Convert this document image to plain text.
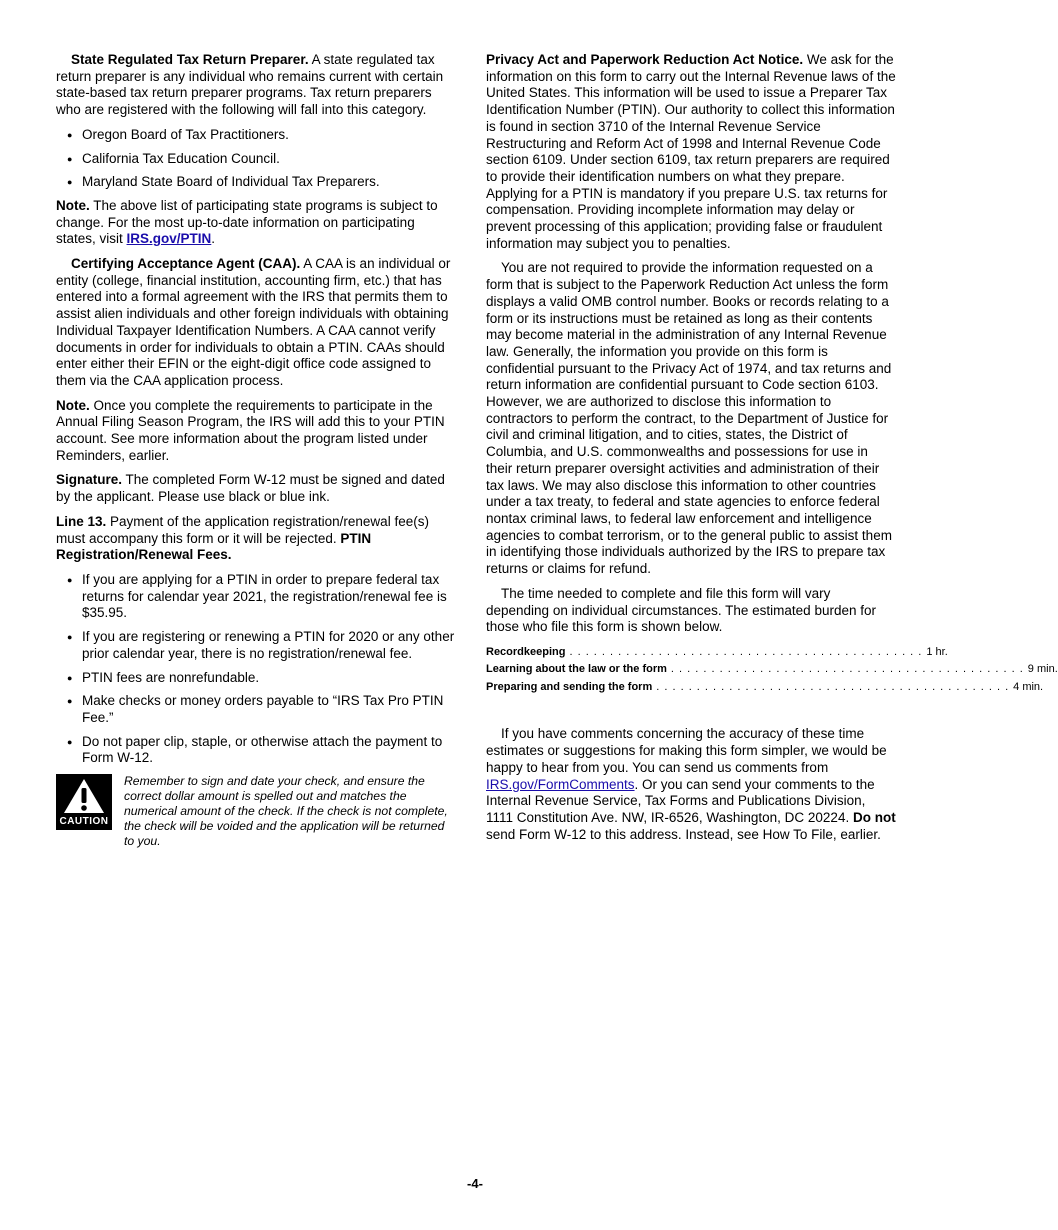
State Regulated Tax Return Preparer. A state regulated tax return preparer is any individual who remains current with certain state-based tax return preparer programs. Tax return preparers who are registered with the following will fall into this category.

● Oregon Board of Tax Practitioners.
● California Tax Education Council.
● Maryland State Board of Individual Tax Preparers.

Note. The above list of participating state programs is subject to change. For the most up-to-date information on participating states, visit IRS.gov/PTIN.

Certifying Acceptance Agent (CAA). A CAA is an individual or entity (college, financial institution, accounting firm, etc.) that has entered into a formal agreement with the IRS that permits them to assist alien individuals and other foreign individuals with obtaining Individual Taxpayer Identification Numbers. A CAA cannot verify documents in order for individuals to obtain a PTIN. CAAs should enter either their EFIN or the eight-digit office code assigned to them via the CAA application process.

Note. Once you complete the requirements to participate in the Annual Filing Season Program, the IRS will add this to your PTIN account. See more information about the program listed under Reminders, earlier.

Signature. The completed Form W-12 must be signed and dated by the applicant. Please use black or blue ink.

Line 13. Payment of the application registration/renewal fee(s) must accompany this form or it will be rejected. PTIN Registration/Renewal Fees.

● If you are applying for a PTIN in order to prepare federal tax returns for calendar year 2021, the registration/renewal fee is $35.95.
● If you are registering or renewing a PTIN for 2020 or any other prior calendar year, there is no registration/renewal fee.
● PTIN fees are nonrefundable.
● Make checks or money orders payable to “IRS Tax Pro PTIN Fee.”
● Do not paper clip, staple, or otherwise attach the payment to Form W-12.
CAUTION
Remember to sign and date your check, and ensure the correct dollar amount is spelled out and matches the numerical amount of the check. If the check is not complete, the check will be voided and the application will be returned to you.

Privacy Act and Paperwork Reduction Act Notice. We ask for the information on this form to carry out the Internal Revenue laws of the United States. This information will be used to issue a Preparer Tax Identification Number (PTIN). Our authority to collect this information is found in section 3710 of the Internal Revenue Service Restructuring and Reform Act of 1998 and Internal Revenue Code section 6109. Under section 6109, tax return preparers are required to provide their identification numbers on what they prepare. Applying for a PTIN is mandatory if you prepare U.S. tax returns for compensation. Providing incomplete information may delay or prevent processing of this application; providing false or fraudulent information may subject you to penalties.

You are not required to provide the information requested on a form that is subject to the Paperwork Reduction Act unless the form displays a valid OMB control number. Books or records relating to a form or its instructions must be retained as long as their contents may become material in the administration of any Internal Revenue law. Generally, the information you provide on this form is confidential pursuant to the Privacy Act of 1974, and tax returns and return information are confidential pursuant to Code section 6103. However, we are authorized to disclose this information to contractors to perform the contract, to the Department of Justice for civil and criminal litigation, and to cities, states, the District of Columbia, and U.S. commonwealths and possessions for use in their return preparer oversight activities and administration of their tax laws. We may also disclose this information to other countries under a tax treaty, to federal and state agencies to enforce federal nontax criminal laws, to federal law enforcement and intelligence agencies to combat terrorism, or to the general public to assist them in identifying those individuals authorized by the IRS to prepare tax returns or claims for refund.

The time needed to complete and file this form will vary depending on individual circumstances. The estimated burden for those who file this form is shown below.

Recordkeeping . . . . . . . . . . . . . . . . . . . . . . . . . . . . . . . . . . . . . . . . . . . . 1 hr.
Learning about the law or the form . . . . . . . . . . . . . . . . . . . . . . . . . . . . . . . . . . . . . . . . . . . . 9 min.
Preparing and sending the form . . . . . . . . . . . . . . . . . . . . . . . . . . . . . . . . . . . . . . . . . . . . 4 min.

If you have comments concerning the accuracy of these time estimates or suggestions for making this form simpler, we would be happy to hear from you. You can send us comments from IRS.gov/FormComments. Or you can send your comments to the Internal Revenue Service, Tax Forms and Publications Division, 1111 Constitution Ave. NW, IR-6526, Washington, DC 20224. Do not send Form W-12 to this address. Instead, see How To File, earlier.

-4-
